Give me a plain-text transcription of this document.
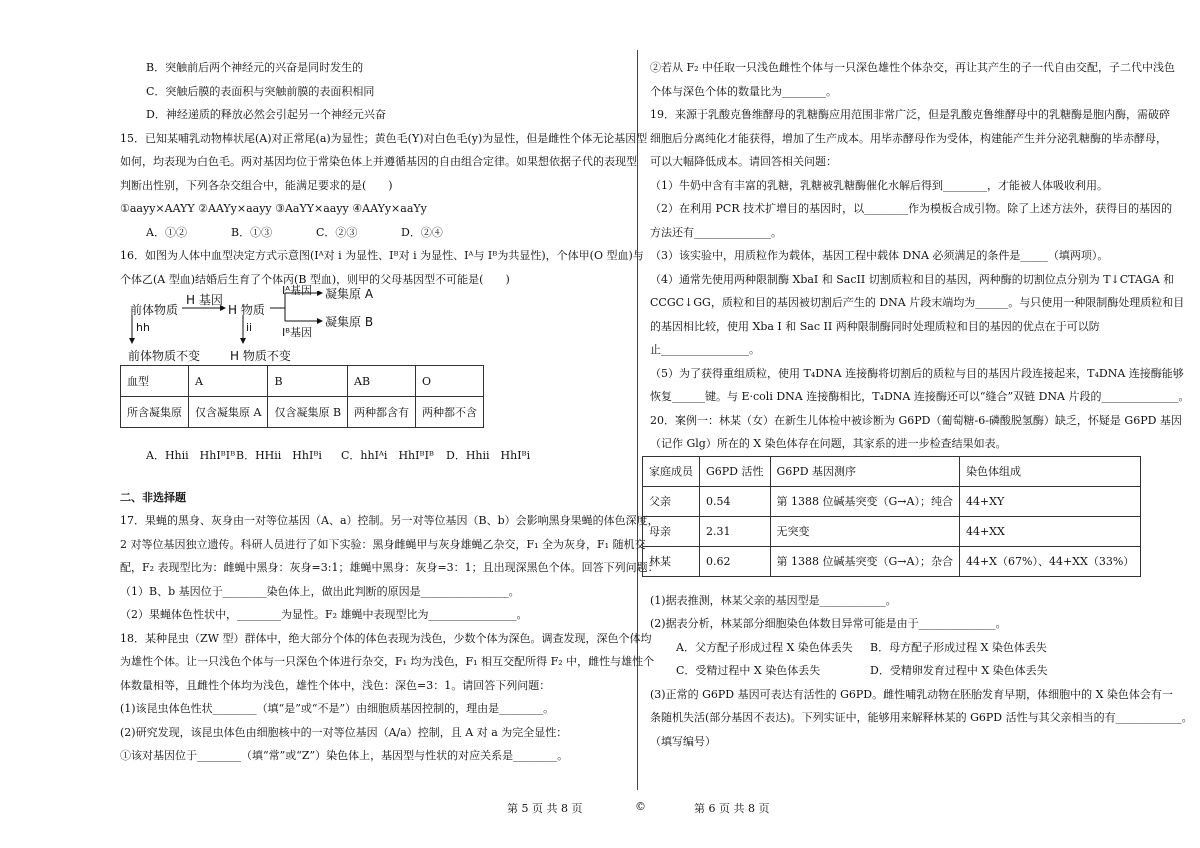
B．突触前后两个神经元的兴奋是同时发生的
C．突触后膜的表面积与突触前膜的表面积相同
D．神经递质的释放必然会引起另一个神经元兴奋
15．已知某哺乳动物棒状尾(A)对正常尾(a)为显性；黄色毛(Y)对白色毛(y)为显性，但是雌性个体无论基因型
如何，均表现为白色毛。两对基因均位于常染色体上并遵循基因的自由组合定律。如果想依据子代的表现型
判断出性别，下列各杂交组合中，能满足要求的是(　　)
①aayy×AAYY ②AAYy×aayy ③AaYY×aayy ④AAYy×aaYy
A．①②	B．①③	C．②③	D．②④
16．如图为人体中血型决定方式示意图(Iᴬ对 i 为显性、Iᴮ对 i 为显性、Iᴬ与 Iᴮ为共显性)，个体甲(O 型血)与
个体乙(A 型血)结婚后生育了个体丙(B 型血)，则甲的父母基因型不可能是(　　)
前体物质
H 基因
H 物质
Iᴬ基因
Iᴮ基因
凝集原 A
凝集原 B
hh	ii
前体物质不变 H 物质不变
血型	A	B	AB	O
所含凝集原	仅含凝集原 A	仅含凝集原 B	两种都含有	两种都不含
A．Hhii　HhIᴮIᴮ B．HHii　HhIᴮi	C．hhIᴬi　HhIᴮIᴮ	D．Hhii　HhIᴮi
二、非选择题
17．果蝇的黑身、灰身由一对等位基因（A、a）控制。另一对等位基因（B、b）会影响黑身果蝇的体色深度，
2 对等位基因独立遗传。科研人员进行了如下实验：黑身雌蝇甲与灰身雄蝇乙杂交，F₁ 全为灰身，F₁ 随机交
配，F₂ 表现型比为：雌蝇中黑身：灰身=3:1；雄蝇中黑身：灰身=3：1；且出现深黑色个体。回答下列问题：
（1）B、b 基因位于________染色体上，做出此判断的原因是________________。
（2）果蝇体色性状中，________为显性。F₂ 雄蝇中表现型比为________________。
18．某种昆虫（ZW 型）群体中，绝大部分个体的体色表现为浅色，少数个体为深色。调查发现，深色个体均
为雄性个体。让一只浅色个体与一只深色个体进行杂交，F₁ 均为浅色，F₁ 相互交配所得 F₂ 中，雌性与雄性个
体数量相等，且雌性个体均为浅色，雄性个体中，浅色：深色=3：1。请回答下列问题：
(1)该昆虫体色性状________（填“是”或“不是”）由细胞质基因控制的，理由是________。
(2)研究发现，该昆虫体色由细胞核中的一对等位基因（A/a）控制，且 A 对 a 为完全显性：
①该对基因位于________（填“常”或“Z”）染色体上，基因型与性状的对应关系是________。
②若从 F₂ 中任取一只浅色雌性个体与一只深色雄性个体杂交，再让其产生的子一代自由交配，子二代中浅色
个体与深色个体的数量比为________。
19．来源于乳酸克鲁维酵母的乳糖酶应用范围非常广泛，但是乳酸克鲁维酵母中的乳糖酶是胞内酶，需破碎
细胞后分离纯化才能获得，增加了生产成本。用毕赤酵母作为受体，构建能产生并分泌乳糖酶的毕赤酵母，
可以大幅降低成本。请回答相关问题：
（1）牛奶中含有丰富的乳糖，乳糖被乳糖酶催化水解后得到________，才能被人体吸收利用。
（2）在利用 PCR 技术扩增目的基因时，以________作为模板合成引物。除了上述方法外，获得目的基因的
方法还有______________。
（3）该实验中，用质粒作为载体，基因工程中载体 DNA 必须满足的条件是_____（填两项）。
（4）通常先使用两种限制酶 XbaI 和 SacII 切割质粒和目的基因，两种酶的切割位点分别为 T↓CTAGA 和
CCGC↓GG，质粒和目的基因被切割后产生的 DNA 片段末端均为______。与只使用一种限制酶处理质粒和目
的基因相比较，使用 Xba I 和 Sac II 两种限制酶同时处理质粒和目的基因的优点在于可以防
止________________。
（5）为了获得重组质粒，使用 T₄DNA 连接酶将切割后的质粒与目的基因片段连接起来，T₄DNA 连接酶能够
恢复______键。与 E·coli DNA 连接酶相比，T₄DNA 连接酶还可以“缝合”双链 DNA 片段的______________。
20．案例一：林某（女）在新生儿体检中被诊断为 G6PD（葡萄糖-6-磷酸脱氢酶）缺乏，怀疑是 G6PD 基因
（记作 Glg）所在的 X 染色体存在问题，其家系的进一步检查结果如表。
家庭成员	G6PD 活性	G6PD 基因测序	染色体组成
父亲	0.54	第 1388 位碱基突变（G→A）；纯合	44+XY
母亲	2.31	无突变	44+XX
林某	0.62	第 1388 位碱基突变（G→A）；杂合	44+X（67%）、44+XX（33%）
(1)据表推测，林某父亲的基因型是____________。
(2)据表分析，林某部分细胞染色体数目异常可能是由于______________。
A．父方配子形成过程 X 染色体丢失	B．母方配子形成过程 X 染色体丢失
C．受精过程中 X 染色体丢失	D．受精卵发育过程中 X 染色体丢失
(3)正常的 G6PD 基因可表达有活性的 G6PD。雌性哺乳动物在胚胎发育早期，体细胞中的 X 染色体会有一
条随机失活(部分基因不表达)。下列实证中，能够用来解释林某的 G6PD 活性与其父亲相当的有____________。
（填写编号）
第 5 页 共 8 页	©	第 6 页 共 8 页
